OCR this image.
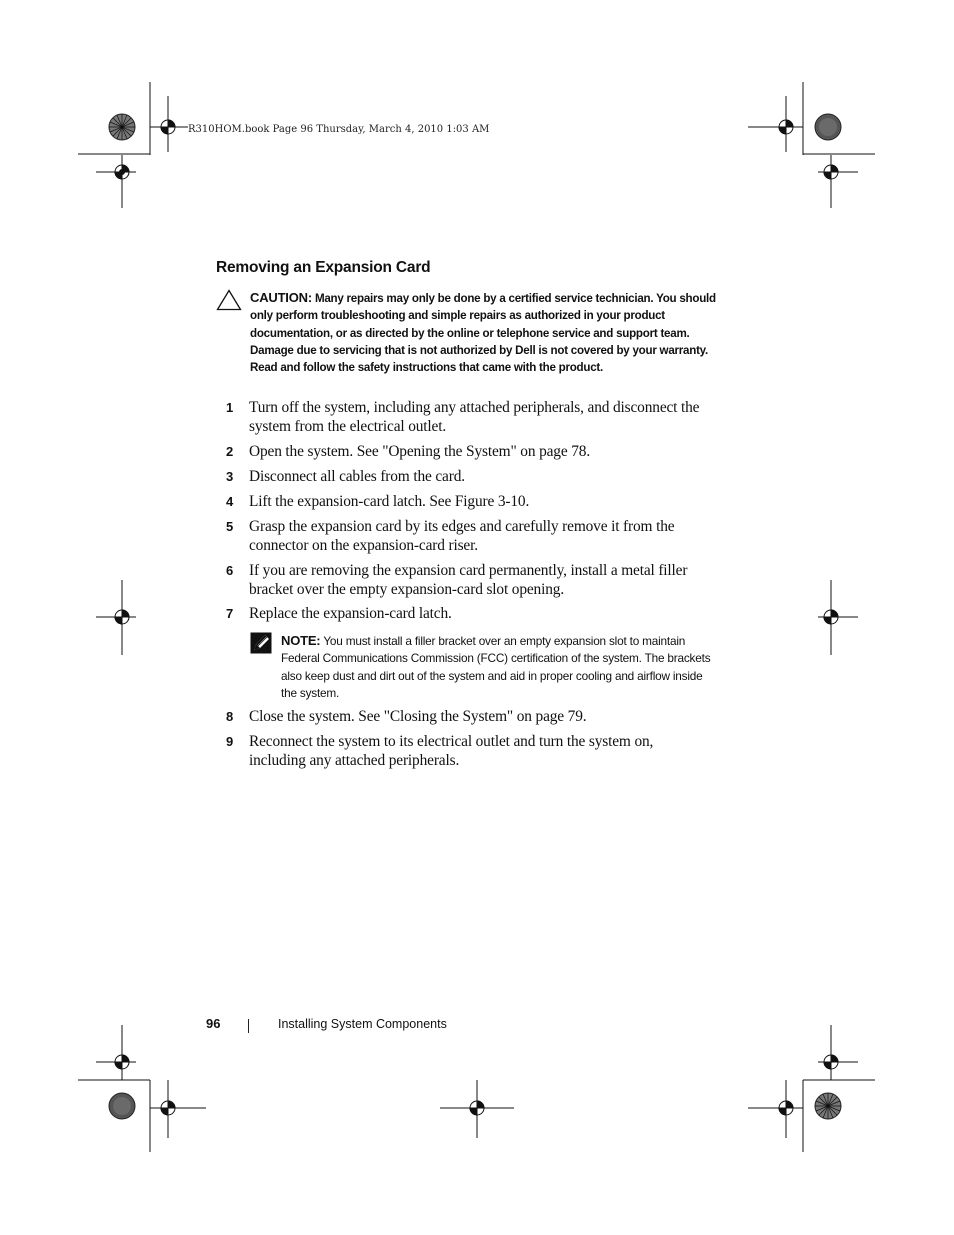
R310HOM.book Page 96 Thursday, March 4, 2010 1:03 AM
Removing an Expansion Card
CAUTION: Many repairs may only be done by a certified service technician. You should only perform troubleshooting and simple repairs as authorized in your product documentation, or as directed by the online or telephone service and support team. Damage due to servicing that is not authorized by Dell is not covered by your warranty. Read and follow the safety instructions that came with the product.
1 Turn off the system, including any attached peripherals, and disconnect the system from the electrical outlet.
2 Open the system. See "Opening the System" on page 78.
3 Disconnect all cables from the card.
4 Lift the expansion-card latch. See Figure 3-10.
5 Grasp the expansion card by its edges and carefully remove it from the connector on the expansion-card riser.
6 If you are removing the expansion card permanently, install a metal filler bracket over the empty expansion-card slot opening.
7 Replace the expansion-card latch.
NOTE: You must install a filler bracket over an empty expansion slot to maintain Federal Communications Commission (FCC) certification of the system. The brackets also keep dust and dirt out of the system and aid in proper cooling and airflow inside the system.
8 Close the system. See "Closing the System" on page 79.
9 Reconnect the system to its electrical outlet and turn the system on, including any attached peripherals.
96	Installing System Components
